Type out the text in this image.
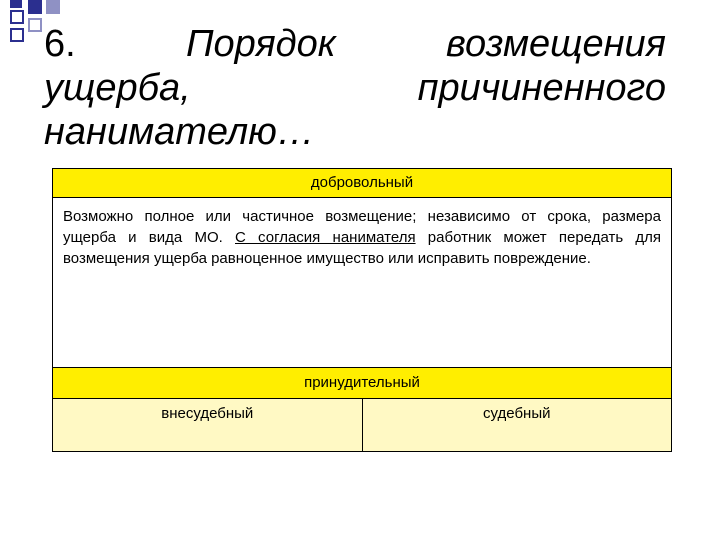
6.	Порядок	возмещения
ущерба,	причиненного
нанимателю…
добровольный
Возможно полное или частичное возмещение; независимо от срока, размера ущерба и вида МО. С согласия нанимателя работник может передать для возмещения ущерба равноценное имущество или исправить повреждение.
принудительный
внесудебный	судебный
